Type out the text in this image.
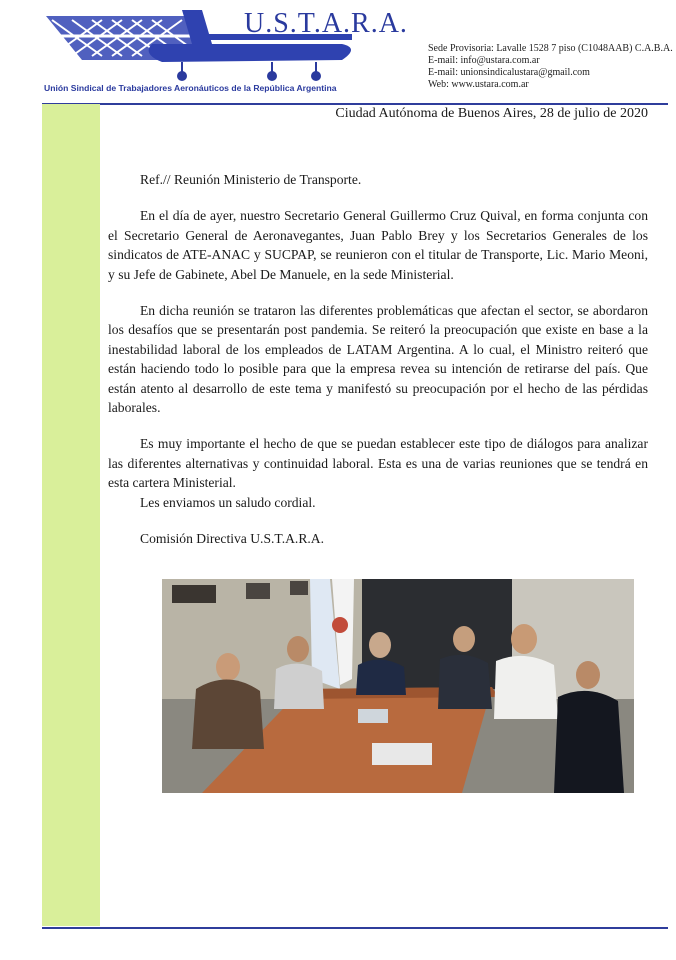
U.S.T.A.R.A.
Unión Sindical de Trabajadores Aeronáuticos de la República Argentina
Sede Provisoria: Lavalle 1528 7 piso (C1048AAB) C.A.B.A.
E-mail: info@ustara.com.ar
E-mail: unionsindicalustara@gmail.com
Web: www.ustara.com.ar
Ciudad Autónoma de Buenos Aires, 28 de julio de 2020

Ref.// Reunión Ministerio de Transporte.

En el día de ayer, nuestro Secretario General Guillermo Cruz Quival, en forma conjunta con el Secretario General de Aeronavegantes, Juan Pablo Brey y los Secretarios Generales de los sindicatos de ATE-ANAC y SUCPAP, se reunieron con el titular de Transporte, Lic. Mario Meoni, y su Jefe de Gabinete, Abel De Manuele, en la sede Ministerial.

En dicha reunión se trataron las diferentes problemáticas que afectan el sector, se abordaron los desafíos que se presentarán post pandemia. Se reiteró la preocupación que existe en base a la inestabilidad laboral de los empleados de LATAM Argentina. A lo cual, el Ministro reiteró que están haciendo todo lo posible para que la empresa revea su intención de retirarse del país. Que están atento al desarrollo de este tema y manifestó su preocupación por el hecho de las pérdidas laborales.

Es muy importante el hecho de que se puedan establecer este tipo de diálogos para analizar las diferentes alternativas y continuidad laboral. Esta es una de varias reuniones que se tendrá en esta cartera Ministerial.

Les enviamos un saludo cordial.

Comisión Directiva U.S.T.A.R.A.
